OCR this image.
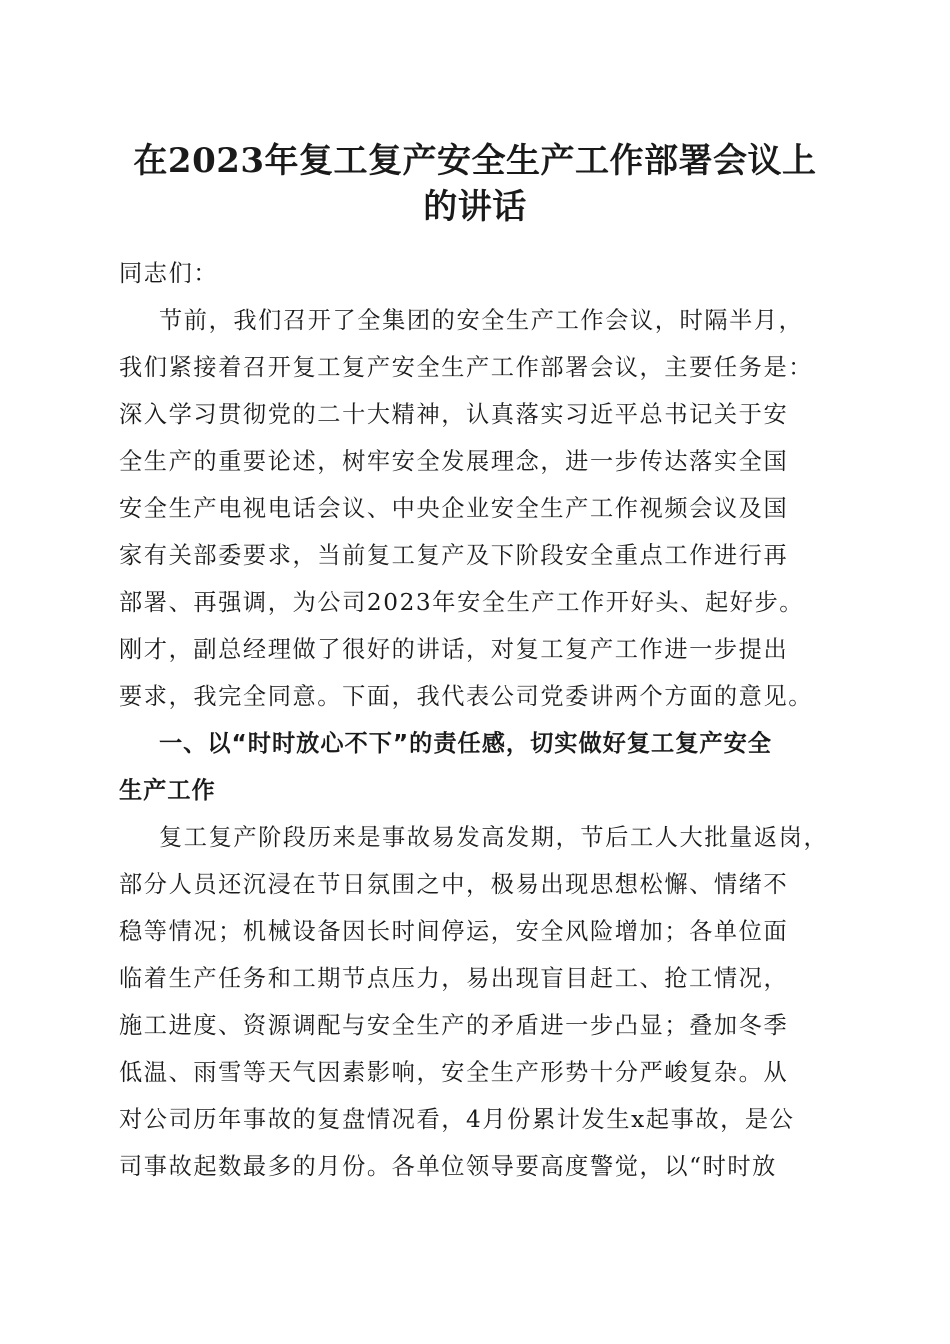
在2023年复工复产安全生产工作部署会议上
的讲话
同志们：
节前，我们召开了全集团的安全生产工作会议，时隔半月，
我们紧接着召开复工复产安全生产工作部署会议，主要任务是：
深入学习贯彻党的二十大精神，认真落实习近平总书记关于安
全生产的重要论述，树牢安全发展理念，进一步传达落实全国
安全生产电视电话会议、中央企业安全生产工作视频会议及国
家有关部委要求，当前复工复产及下阶段安全重点工作进行再
部署、再强调，为公司2023年安全生产工作开好头、起好步。
刚才，副总经理做了很好的讲话，对复工复产工作进一步提出
要求，我完全同意。下面，我代表公司党委讲两个方面的意见。
一、以“时时放心不下”的责任感，切实做好复工复产安全
生产工作
复工复产阶段历来是事故易发高发期，节后工人大批量返岗，
部分人员还沉浸在节日氛围之中，极易出现思想松懈、情绪不
稳等情况；机械设备因长时间停运，安全风险增加；各单位面
临着生产任务和工期节点压力，易出现盲目赶工、抢工情况，
施工进度、资源调配与安全生产的矛盾进一步凸显；叠加冬季
低温、雨雪等天气因素影响，安全生产形势十分严峻复杂。从
对公司历年事故的复盘情况看，4月份累计发生x起事故，是公
司事故起数最多的月份。各单位领导要高度警觉，以“时时放
